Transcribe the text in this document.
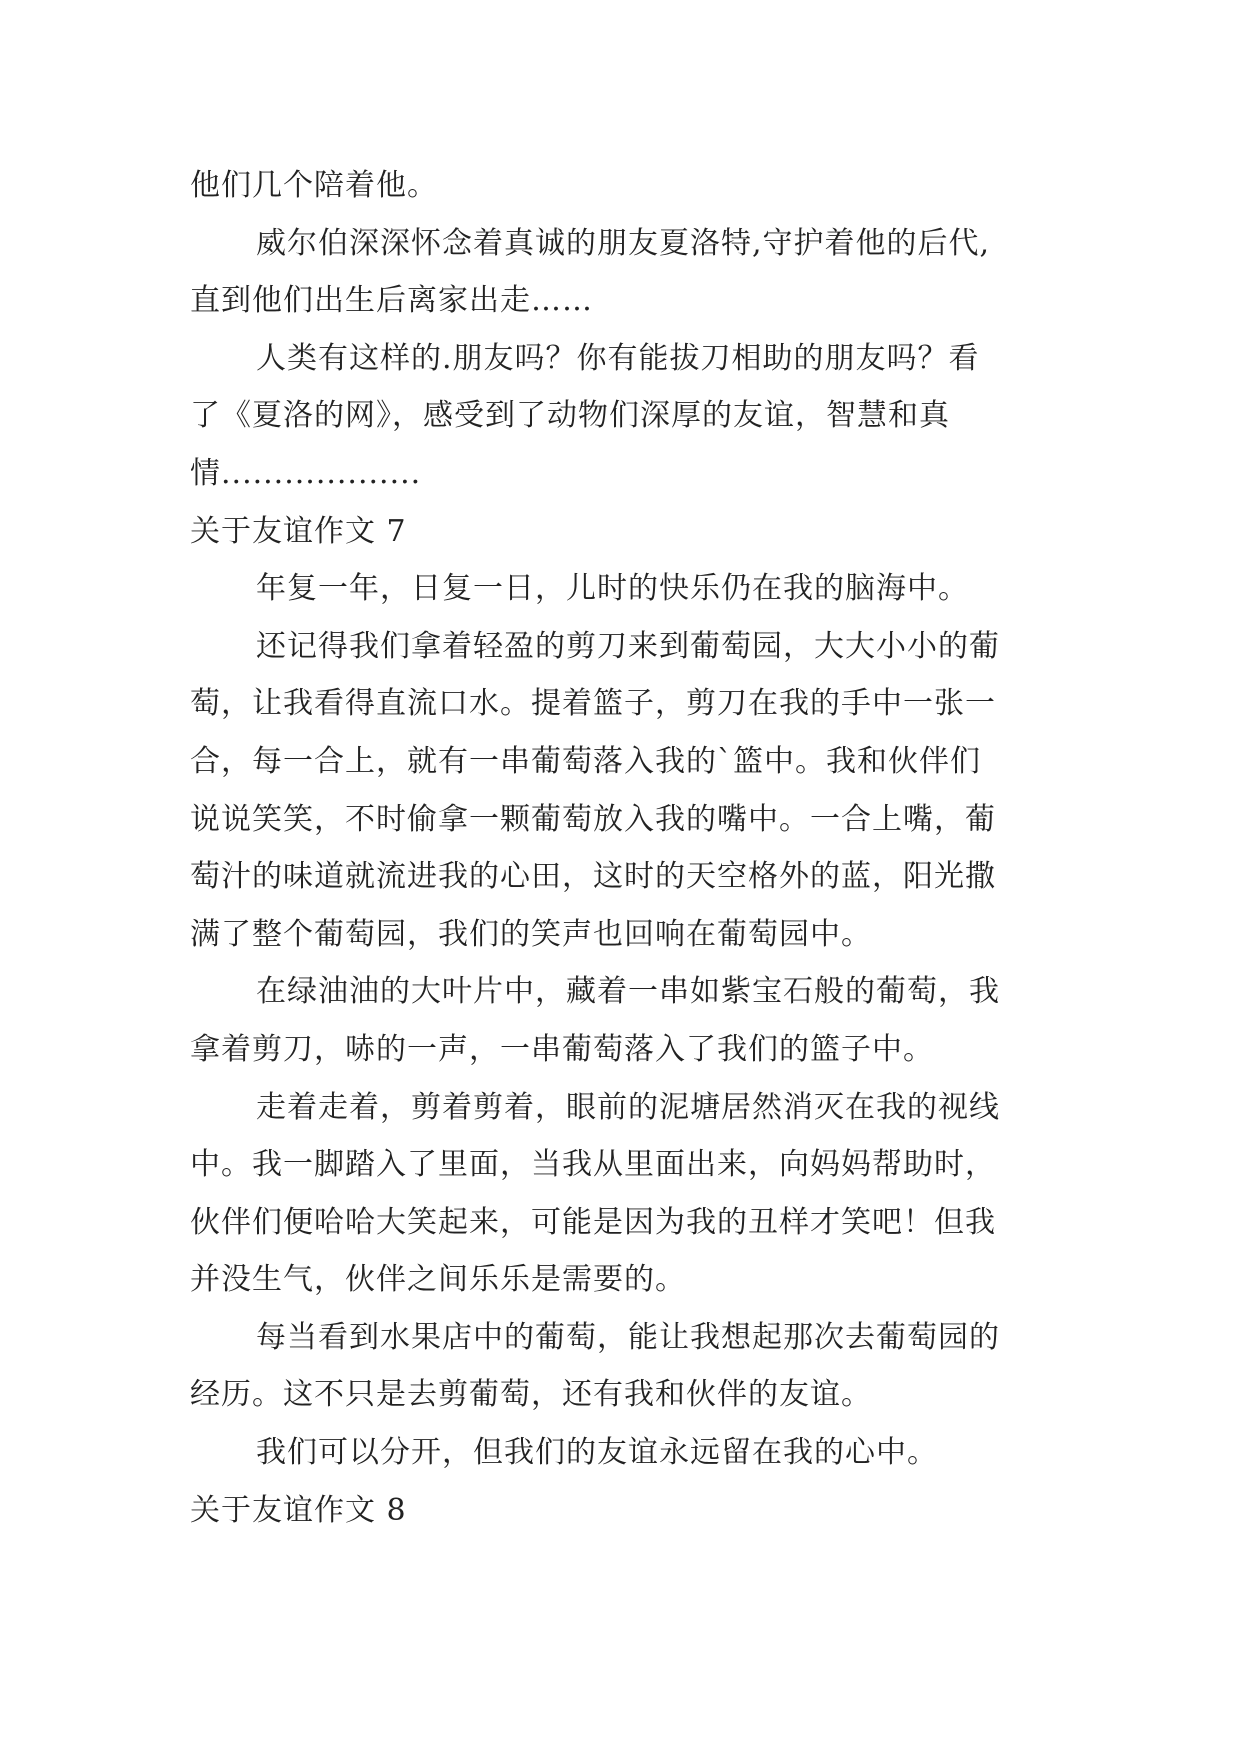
他们几个陪着他。
威尔伯深深怀念着真诚的朋友夏洛特,守护着他的后代,
直到他们出生后离家出走……
人类有这样的.朋友吗？你有能拔刀相助的朋友吗？看
了《夏洛的网》，感受到了动物们深厚的友谊，智慧和真
情...................
关于友谊作文 7
年复一年，日复一日，儿时的快乐仍在我的脑海中。
还记得我们拿着轻盈的剪刀来到葡萄园，大大小小的葡
萄，让我看得直流口水。提着篮子，剪刀在我的手中一张一
合，每一合上，就有一串葡萄落入我的`篮中。我和伙伴们
说说笑笑，不时偷拿一颗葡萄放入我的嘴中。一合上嘴，葡
萄汁的味道就流进我的心田，这时的天空格外的蓝，阳光撒
满了整个葡萄园，我们的笑声也回响在葡萄园中。
在绿油油的大叶片中，藏着一串如紫宝石般的葡萄，我
拿着剪刀，哧的一声，一串葡萄落入了我们的篮子中。
走着走着，剪着剪着，眼前的泥塘居然消灭在我的视线
中。我一脚踏入了里面，当我从里面出来，向妈妈帮助时，
伙伴们便哈哈大笑起来，可能是因为我的丑样才笑吧！但我
并没生气，伙伴之间乐乐是需要的。
每当看到水果店中的葡萄，能让我想起那次去葡萄园的
经历。这不只是去剪葡萄，还有我和伙伴的友谊。
我们可以分开，但我们的友谊永远留在我的心中。
关于友谊作文 8
